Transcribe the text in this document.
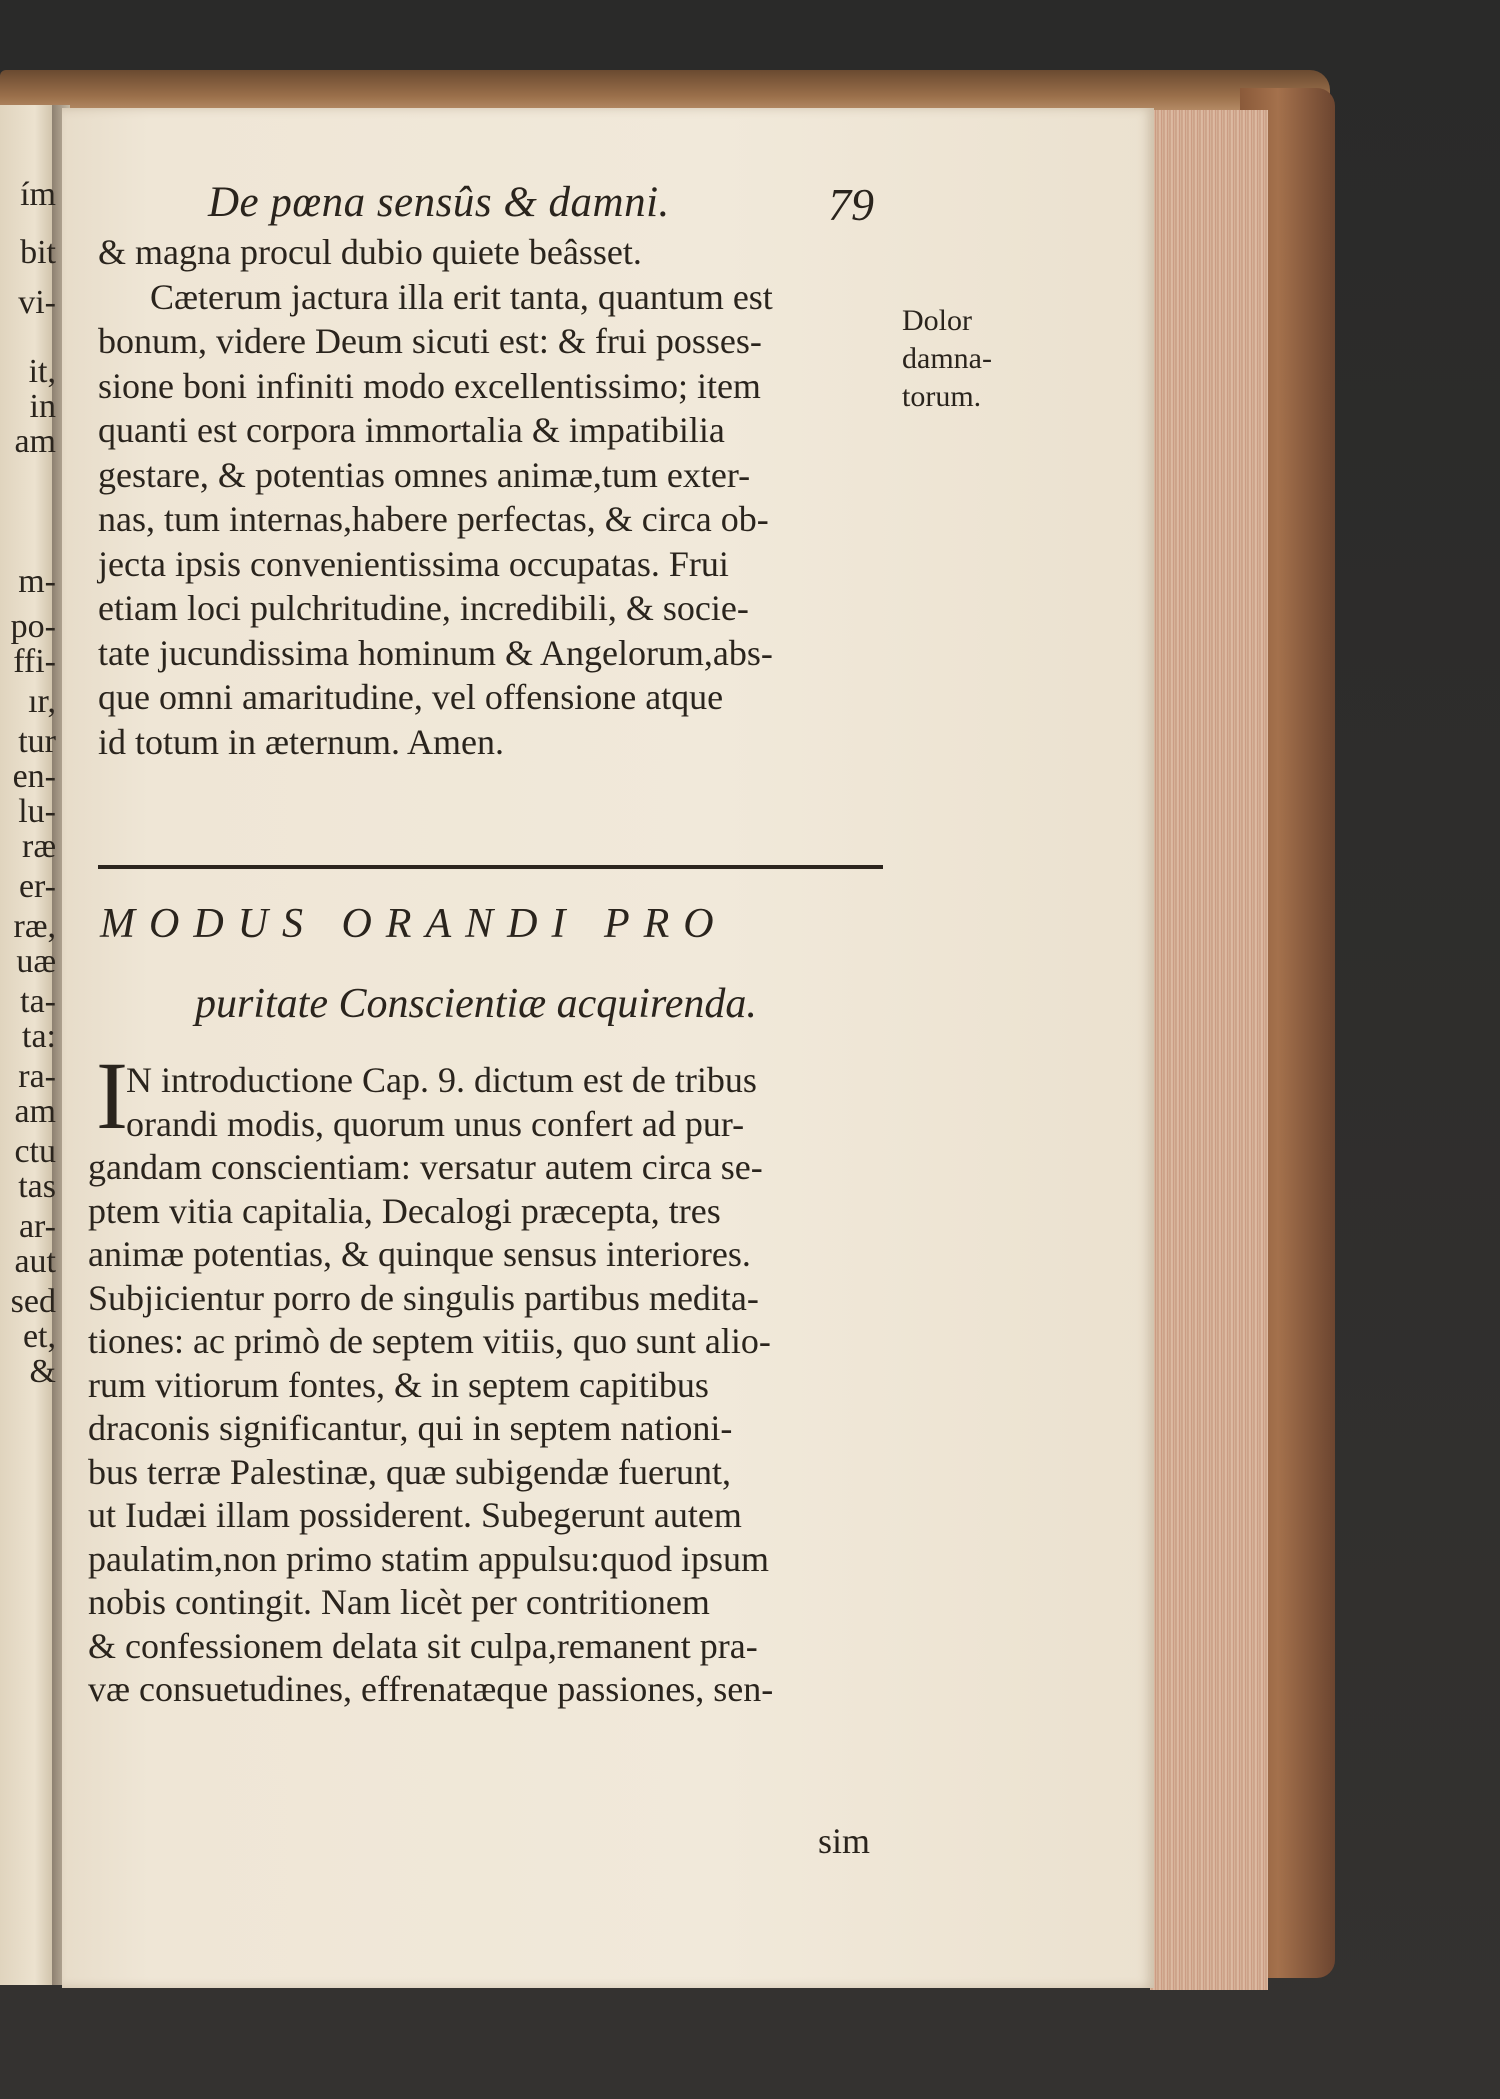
ím
bit
vi-
it,
in
am
m-
po-
ffi-
ır,
tur
en-
lu-
ræ
er-
ræ,
uæ
ta-
ta:
ra-
am
ctu
tas
ar-
aut
sed
et,
&
De pœna sensûs & damni.	79
& magna procul dubio quiete beâsset.
Cæterum jactura illa erit tanta, quantum est
bonum, videre Deum sicuti est: & frui posses-
sione boni infiniti modo excellentissimo; item
quanti est corpora immortalia & impatibilia
gestare, & potentias omnes animæ,tum exter-
nas, tum internas,habere perfectas, & circa ob-
jecta ipsis convenientissima occupatas. Frui
etiam loci pulchritudine, incredibili, & socie-
tate jucundissima hominum & Angelorum,abs-
que omni amaritudine, vel offensione atque
id totum in æternum. Amen.
Dolor
damna-
torum.
MODUS ORANDI PRO
puritate Conscientiæ acquirenda.
I
N introductione Cap. 9. dictum est de tribus
orandi modis, quorum unus confert ad pur-
gandam conscientiam: versatur autem circa se-
ptem vitia capitalia, Decalogi præcepta, tres
animæ potentias, & quinque sensus interiores.
Subjicientur porro de singulis partibus medita-
tiones: ac primò de septem vitiis, quo sunt alio-
rum vitiorum fontes, & in septem capitibus
draconis significantur, qui in septem nationi-
bus terræ Palestinæ, quæ subigendæ fuerunt,
ut Iudæi illam possiderent. Subegerunt autem
paulatim,non primo statim appulsu:quod ipsum
nobis contingit. Nam licèt per contritionem
& confessionem delata sit culpa,remanent pra-
væ consuetudines, effrenatæque passiones, sen-
sim
